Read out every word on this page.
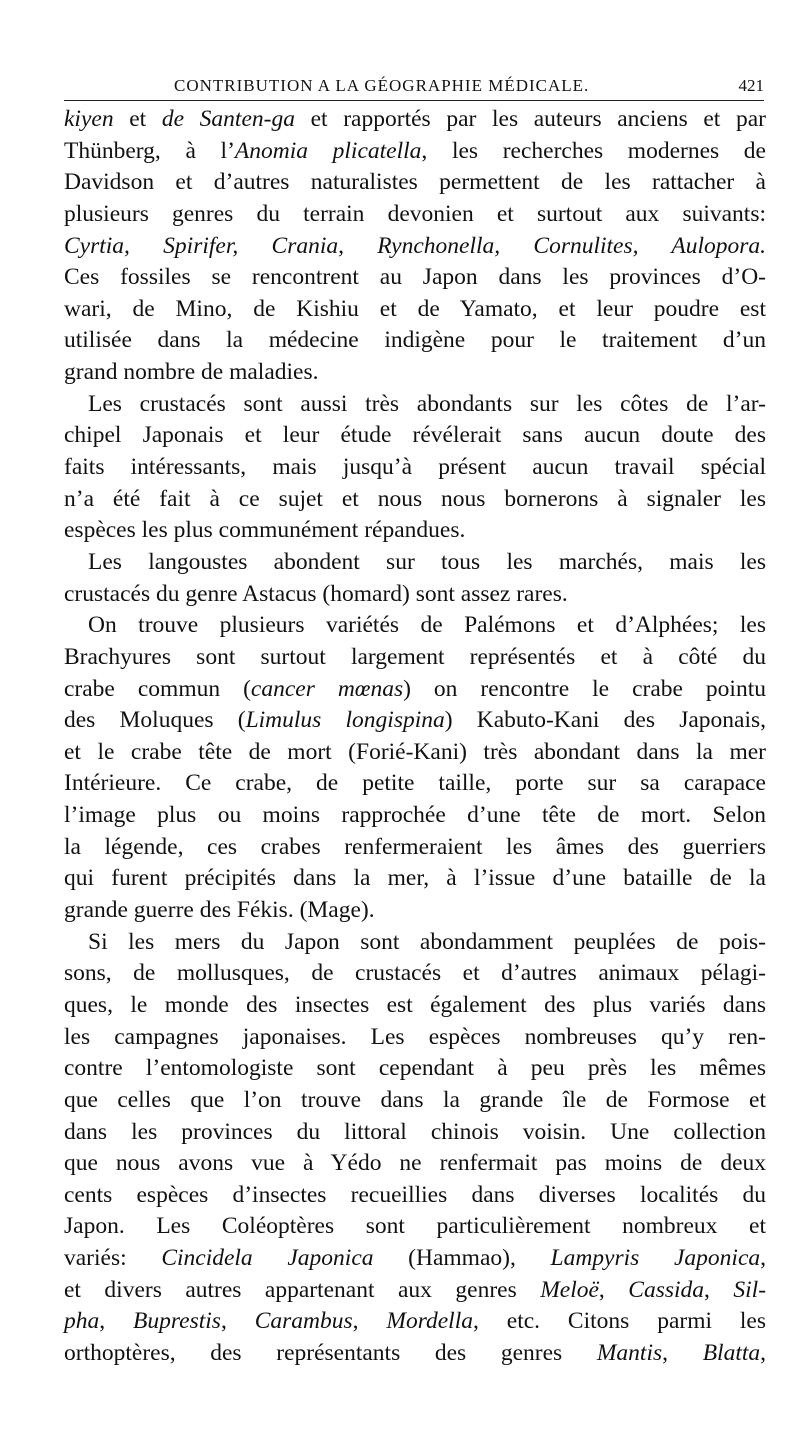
CONTRIBUTION A LA GÉOGRAPHIE MÉDICALE.	421
kiyen et de Santen-ga et rapportés par les auteurs anciens et par
Thünberg, à l’Anomia plicatella, les recherches modernes de
Davidson et d’autres naturalistes permettent de les rattacher à
plusieurs genres du terrain devonien et surtout aux suivants:
Cyrtia, Spirifer, Crania, Rynchonella, Cornulites, Aulopora.
Ces fossiles se rencontrent au Japon dans les provinces d’O-
wari, de Mino, de Kishiu et de Yamato, et leur poudre est
utilisée dans la médecine indigène pour le traitement d’un
grand nombre de maladies.
Les crustacés sont aussi très abondants sur les côtes de l’ar-
chipel Japonais et leur étude révélerait sans aucun doute des
faits intéressants, mais jusqu’à présent aucun travail spécial
n’a été fait à ce sujet et nous nous bornerons à signaler les
espèces les plus communément répandues.
Les langoustes abondent sur tous les marchés, mais les
crustacés du genre Astacus (homard) sont assez rares.
On trouve plusieurs variétés de Palémons et d’Alphées; les
Brachyures sont surtout largement représentés et à côté du
crabe commun (cancer mœnas) on rencontre le crabe pointu
des Moluques (Limulus longispina) Kabuto-Kani des Japonais,
et le crabe tête de mort (Forié-Kani) très abondant dans la mer
Intérieure. Ce crabe, de petite taille, porte sur sa carapace
l’image plus ou moins rapprochée d’une tête de mort. Selon
la légende, ces crabes renfermeraient les âmes des guerriers
qui furent précipités dans la mer, à l’issue d’une bataille de la
grande guerre des Fékis. (Mage).
Si les mers du Japon sont abondamment peuplées de pois-
sons, de mollusques, de crustacés et d’autres animaux pélagi-
ques, le monde des insectes est également des plus variés dans
les campagnes japonaises. Les espèces nombreuses qu’y ren-
contre l’entomologiste sont cependant à peu près les mêmes
que celles que l’on trouve dans la grande île de Formose et
dans les provinces du littoral chinois voisin. Une collection
que nous avons vue à Yédo ne renfermait pas moins de deux
cents espèces d’insectes recueillies dans diverses localités du
Japon. Les Coléoptères sont particulièrement nombreux et
variés: Cincidela Japonica (Hammao), Lampyris Japonica,
et divers autres appartenant aux genres Meloë, Cassida, Sil-
pha, Buprestis, Carambus, Mordella, etc. Citons parmi les
orthoptères, des représentants des genres Mantis, Blatta,
